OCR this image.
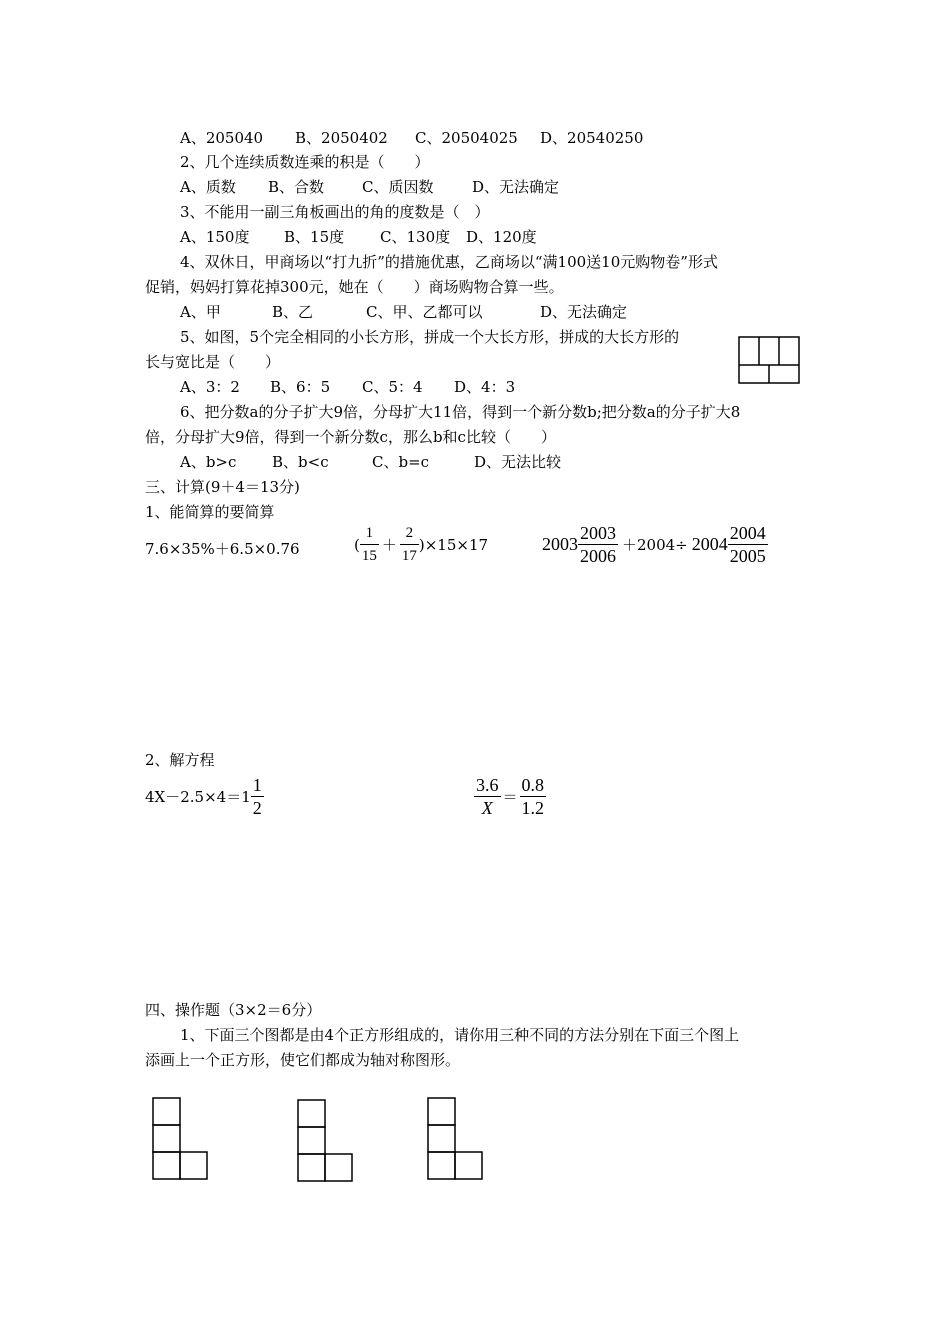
A、205040 B、2050402 C、20504025 D、20540250
2、几个连续质数连乘的积是（　　）
A、质数 B、合数	C、质因数	D、无法确定
3、不能用一副三角板画出的角的度数是（　）
A、150度 B、15度 C、130度 D、120度
4、双休日，甲商场以“打九折”的措施优惠，乙商场以“满100送10元购物卷”形式
促销，妈妈打算花掉300元，她在（　　）商场购物合算一些。
A、甲	B、乙	C、甲、乙都可以	D、无法确定
5、如图，5个完全相同的小长方形，拼成一个大长方形，拼成的大长方形的
长与宽比是（　　）
A、3：2 B、6：5 C、5：4 D、4：3
6、把分数a的分子扩大9倍，分母扩大11倍，得到一个新分数b;把分数a的分子扩大8
倍，分母扩大9倍，得到一个新分数c，那么b和c比较（　　）
A、b>c B、b<c	C、b=c	D、无法比较
三、计算(9＋4＝13分)
1、能简算的要简算
7.6×35%＋6.5×0.76	( $\frac{1}{15} + \frac{2}{17} )\times 15\times 17$	$2003 \frac{2003}{2006} +2004\div 2004 \frac{2004}{2005}$
2、解方程
$4X-2.5\times 4=1 \frac{1}{2}$	$\frac{3.6}{X} = \frac{0.8}{1.2}$
四、操作题（3×2＝6分）
1、下面三个图都是由4个正方形组成的，请你用三种不同的方法分别在下面三个图上
添画上一个正方形，使它们都成为轴对称图形。
